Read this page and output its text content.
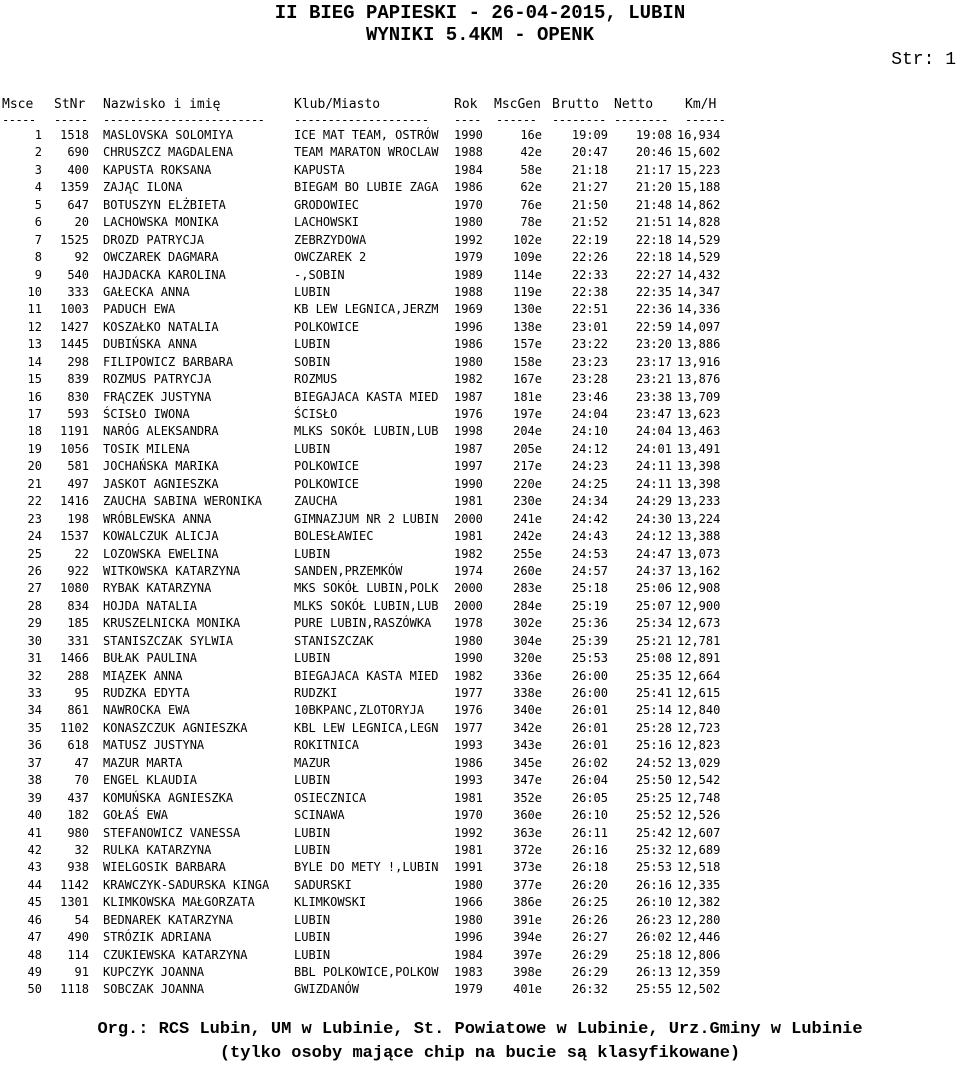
II BIEG PAPIESKI - 26-04-2015, LUBIN
WYNIKI 5.4KM - OPENK
Str: 1
Msce	StNr	Nazwisko i imię	Klub/Miasto	Rok	MscGen Brutto	Netto	Km/H
----- ----- ------------------------ -------------------- ---- ------ -------- -------- ------
1	1518 MASLOVSKA SOLOMIYA	ICE MAT TEAM, OSTRÓW	1990	16e	19:09	19:08 16,934
2	690 CHRUSZCZ MAGDALENA	TEAM MARATON WROCLAW	1988	42e	20:47	20:46 15,602
3	400 KAPUSTA ROKSANA	KAPUSTA	1984	58e	21:18	21:17 15,223
4	1359 ZAJĄC ILONA	BIEGAM BO LUBIE ZAGA	1986	62e	21:27	21:20 15,188
5	647 BOTUSZYN ELŻBIETA	GRODOWIEC	1970	76e	21:50	21:48 14,862
6	20 LACHOWSKA MONIKA	LACHOWSKI	1980	78e	21:52	21:51 14,828
7	1525 DROZD PATRYCJA	ZEBRZYDOWA	1992	102e	22:19	22:18 14,529
8	92 OWCZAREK DAGMARA	OWCZAREK 2	1979	109e	22:26	22:18 14,529
9	540 HAJDACKA KAROLINA	-,SOBIN	1989	114e	22:33	22:27 14,432
10	333 GAŁECKA ANNA	LUBIN	1988	119e	22:38	22:35 14,347
11	1003 PADUCH EWA	KB LEW LEGNICA,JERZM	1969	130e	22:51	22:36 14,336
12	1427 KOSZAŁKO NATALIA	POLKOWICE	1996	138e	23:01	22:59 14,097
13	1445 DUBIŃSKA ANNA	LUBIN	1986	157e	23:22	23:20 13,886
14	298 FILIPOWICZ BARBARA	SOBIN	1980	158e	23:23	23:17 13,916
15	839 ROZMUS PATRYCJA	ROZMUS	1982	167e	23:28	23:21 13,876
16	830 FRĄCZEK JUSTYNA	BIEGAJACA KASTA MIED	1987	181e	23:46	23:38 13,709
17	593 ŚCISŁO IWONA	ŚCISŁO	1976	197e	24:04	23:47 13,623
18	1191 NARÓG ALEKSANDRA	MLKS SOKÓŁ LUBIN,LUB	1998	204e	24:10	24:04 13,463
19	1056 TOSIK MILENA	LUBIN	1987	205e	24:12	24:01 13,491
20	581 JOCHAŃSKA MARIKA	POLKOWICE	1997	217e	24:23	24:11 13,398
21	497 JASKOT AGNIESZKA	POLKOWICE	1990	220e	24:25	24:11 13,398
22	1416 ZAUCHA SABINA WERONIKA	ZAUCHA	1981	230e	24:34	24:29 13,233
23	198 WRÓBLEWSKA ANNA	GIMNAZJUM NR 2 LUBIN	2000	241e	24:42	24:30 13,224
24	1537 KOWALCZUK ALICJA	BOLESŁAWIEC	1981	242e	24:43	24:12 13,388
25	22 LOZOWSKA EWELINA	LUBIN	1982	255e	24:53	24:47 13,073
26	922 WITKOWSKA KATARZYNA	SANDEN,PRZEMKÓW	1974	260e	24:57	24:37 13,162
27	1080 RYBAK KATARZYNA	MKS SOKÓŁ LUBIN,POLK	2000	283e	25:18	25:06 12,908
28	834 HOJDA NATALIA	MLKS SOKÓŁ LUBIN,LUB	2000	284e	25:19	25:07 12,900
29	185 KRUSZELNICKA MONIKA	PURE LUBIN,RASZÓWKA	1978	302e	25:36	25:34 12,673
30	331 STANISZCZAK SYLWIA	STANISZCZAK	1980	304e	25:39	25:21 12,781
31	1466 BUŁAK PAULINA	LUBIN	1990	320e	25:53	25:08 12,891
32	288 MIĄZEK ANNA	BIEGAJACA KASTA MIED	1982	336e	26:00	25:35 12,664
33	95 RUDZKA EDYTA	RUDZKI	1977	338e	26:00	25:41 12,615
34	861 NAWROCKA EWA	10BKPANC,ZLOTORYJA	1976	340e	26:01	25:14 12,840
35	1102 KONASZCZUK AGNIESZKA	KBL LEW LEGNICA,LEGN	1977	342e	26:01	25:28 12,723
36	618 MATUSZ JUSTYNA	ROKITNICA	1993	343e	26:01	25:16 12,823
37	47 MAZUR MARTA	MAZUR	1986	345e	26:02	24:52 13,029
38	70 ENGEL KLAUDIA	LUBIN	1993	347e	26:04	25:50 12,542
39	437 KOMUŃSKA AGNIESZKA	OSIECZNICA	1981	352e	26:05	25:25 12,748
40	182 GOŁAŚ EWA	SCINAWA	1970	360e	26:10	25:52 12,526
41	980 STEFANOWICZ VANESSA	LUBIN	1992	363e	26:11	25:42 12,607
42	32 RULKA KATARZYNA	LUBIN	1981	372e	26:16	25:32 12,689
43	938 WIELGOSIK BARBARA	BYLE DO METY !,LUBIN	1991	373e	26:18	25:53 12,518
44	1142 KRAWCZYK-SADURSKA KINGA	SADURSKI	1980	377e	26:20	26:16 12,335
45	1301 KLIMKOWSKA MAŁGORZATA	KLIMKOWSKI	1966	386e	26:25	26:10 12,382
46	54 BEDNAREK KATARZYNA	LUBIN	1980	391e	26:26	26:23 12,280
47	490 STRÓZIK ADRIANA	LUBIN	1996	394e	26:27	26:02 12,446
48	114 CZUKIEWSKA KATARZYNA	LUBIN	1984	397e	26:29	25:18 12,806
49	91 KUPCZYK JOANNA	BBL POLKOWICE,POLKOW	1983	398e	26:29	26:13 12,359
50	1118 SOBCZAK JOANNA	GWIZDANÓW	1979	401e	26:32	25:55 12,502
Org.: RCS Lubin, UM w Lubinie, St. Powiatowe w Lubinie, Urz.Gminy w Lubinie
(tylko osoby mające chip na bucie są klasyfikowane)
